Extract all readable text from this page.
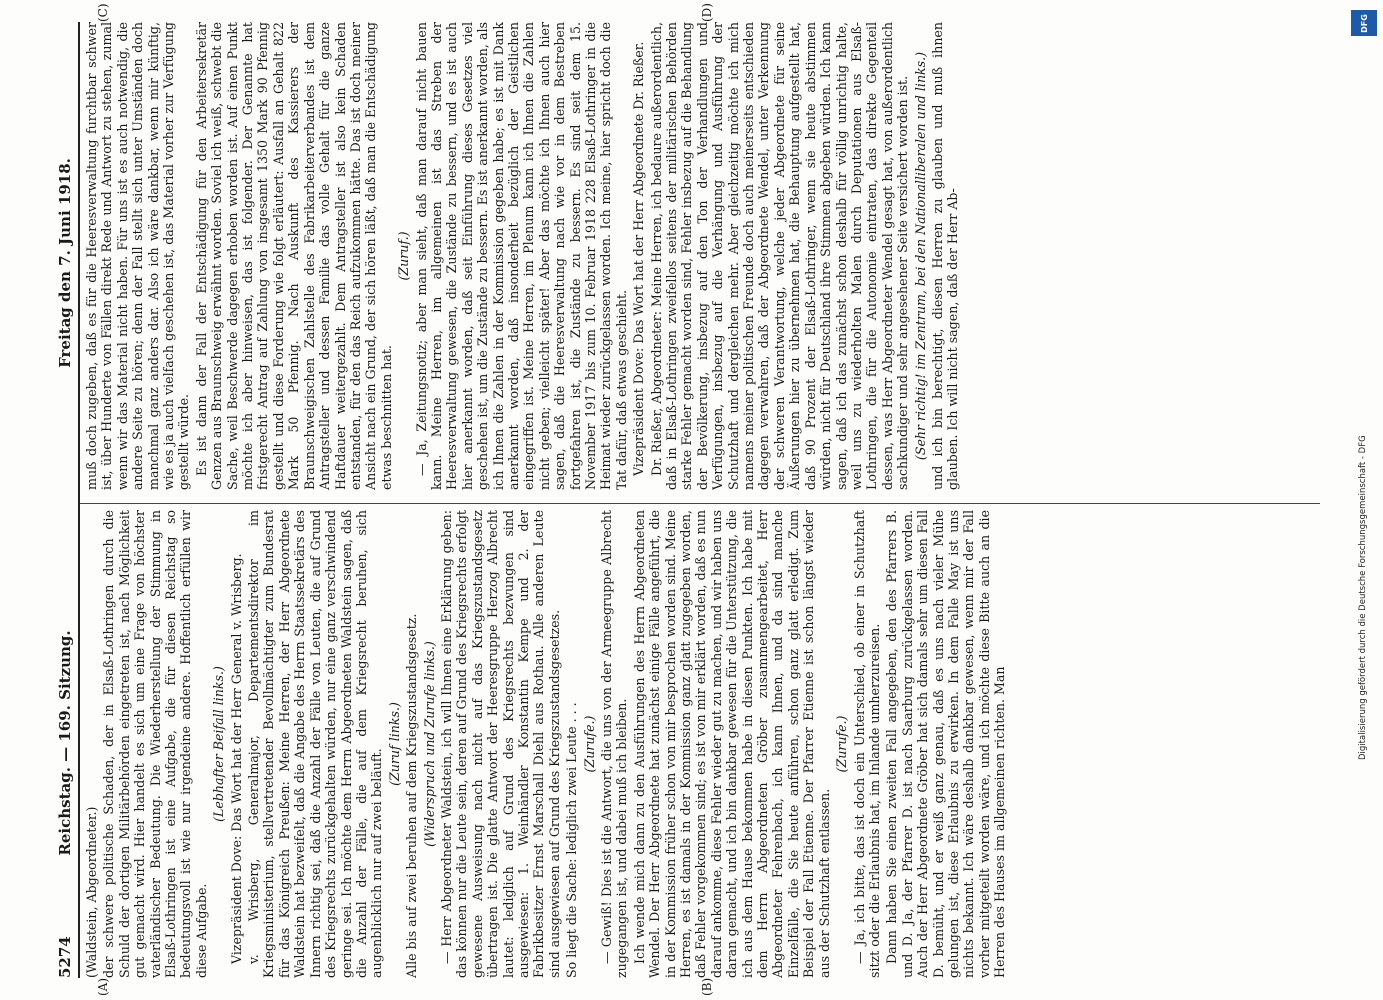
5274
Reichstag. — 169. Sitzung.
Freitag den 7. Juni 1918.
(A)	(B)
(C)	(D)

(Waldstein, Abgeordneter.) der schwere politische Schaden, der in Elsaß-Lothringen durch die Schuld der dortigen Militärbehörden eingetreten ist, nach Möglichkeit gut gemacht wird. Hier handelt es sich um eine Frage von höchster vaterländischer Bedeutung. Die Wiederherstellung der Stimmung in Elsaß-Lothringen ist eine Aufgabe, die für diesen Reichstag so bedeutungsvoll ist wie nur irgendeine andere. Hoffentlich erfüllen wir diese Aufgabe.

(Lebhafter Beifall links.) Vizepräsident Dove: Das Wort hat der Herr General v. Wrisberg. v. Wrisberg, Generalmajor, Departementsdirektor im Kriegsministerium, stellvertretender Bevollmächtigter zum Bundesrat für das Königreich Preußen: Meine Herren, der Herr Abgeordnete Waldstein hat bezweifelt, daß die Angabe des Herrn Staatssekretärs des Innern richtig sei, daß die Anzahl der Fälle von Leuten, die auf Grund des Kriegsrechts zurückgehalten würden, nur eine ganz verschwindend geringe sei. Ich möchte dem Herrn Abgeordneten Waldstein sagen, daß die Anzahl der Fälle, die auf dem Kriegsrecht beruhen, sich augenblicklich nur auf zwei beläuft.

(Zuruf links.) Alle bis auf zwei beruhen auf dem Kriegszustandsgesetz. (Widerspruch und Zurufe links.) — Herr Abgeordneter Waldstein, ich will Ihnen eine Erklärung geben: das können nur die Leute sein, deren auf Grund des Kriegsrechts erfolgt gewesene Ausweisung nach nicht auf das Kriegszustandsgesetz übertragen ist. Die glatte Antwort der Heeresgruppe Herzog Albrecht lautet: lediglich auf Grund des Kriegsrechts bezwungen sind ausgewiesen: 1. Weinhändler Konstantin Kempe und 2. der Fabrikbesitzer Ernst Marschall Diehl aus Rothau. Alle anderen Leute sind ausgewiesen auf Grund des Kriegszustandsgesetzes. So liegt die Sache: lediglich zwei Leute . . . (Zurufe.) — Gewiß! Dies ist die Antwort, die uns von der Armeegruppe Albrecht zugegangen ist, und dabei muß ich bleiben. Ich wende mich dann zu den Ausführungen des Herrn Abgeordneten Wendel. Der Herr Abgeordnete hat zunächst einige Fälle angeführt, die in der Kommission früher schon von mir besprochen worden sind. Meine Herren, es ist damals in der Kommission ganz glatt zugegeben worden, daß Fehler vorgekommen sind; es ist von mir erklärt worden, daß es nun darauf ankomme, diese Fehler wieder gut zu machen, und wir haben uns daran gemacht, und ich bin dankbar gewesen für die Unterstützung, die ich aus dem Hause bekommen habe in diesen Punkten. Ich habe mit dem Herrn Abgeordneten Gröber zusammengearbeitet, Herr Abgeordneter Fehrenbach, ich kann Ihnen, und da sind manche Einzelfälle, die Sie heute anführen, schon ganz glatt erledigt. Zum Beispiel der Fall Etienne. Der Pfarrer Etienne ist schon längst wieder aus der Schutzhaft entlassen.

(Zurufe.) — Ja, ich bitte, das ist doch ein Unterschied, ob einer in Schutzhaft sitzt oder die Erlaubnis hat, im Inlande umherzureisen. Dann haben Sie einen zweiten Fall angegeben, den des Pfarrers B. und D. Ja, der Pfarrer D. ist nach Saarburg zurückgelassen worden. Auch der Herr Abgeordnete Gröber hat sich damals sehr um diesen Fall D. bemüht, und er weiß ganz genau, daß es uns nach vieler Mühe gelungen ist, diese Erlaubnis zu erwirken. In dem Falle May ist uns nichts bekannt. Ich wäre deshalb dankbar gewesen, wenn mir der Fall vorher mitgeteilt worden wäre, und ich möchte diese Bitte auch an die Herren des Hauses im allgemeinen richten. Man

muß doch zugeben, daß es für die Heeresverwaltung furchtbar schwer ist, über Hunderte von Fällen direkt Rede und Antwort zu stehen, zumal wenn wir das Material nicht haben. Für uns ist es auch notwendig, die andere Seite zu hören; denn der Fall stellt sich unter Umständen doch manchmal ganz anders dar. Also ich wäre dankbar, wenn mir künftig, wie es ja auch vielfach geschehen ist, das Material vorher zur Verfügung gestellt würde. Es ist dann der Fall der Entschädigung für den Arbeitersekretär Genzen aus Braunschweig erwähnt worden. Soviel ich weiß, schwebt die Sache, weil Beschwerde dagegen erhoben worden ist. Auf einen Punkt möchte ich aber hinweisen, das ist folgender. Der Genannte hat fristgerecht Antrag auf Zahlung von insgesamt 1350 Mark 90 Pfennig gestellt und diese Forderung wie folgt erläutert: Ausfall an Gehalt 822 Mark 50 Pfennig. Nach Auskunft des Kassierers der Braunschweigischen Zahlstelle des Fabrikarbeiterverbandes ist dem Antragsteller und dessen Familie das volle Gehalt für die ganze Haftdauer weitergezahlt. Dem Antragsteller ist also kein Schaden entstanden, für den das Reich aufzukommen hätte. Das ist doch meiner Ansicht nach ein Grund, der sich hören läßt, daß man die Entschädigung etwas beschnitten hat.

(Zuruf.) — Ja, Zeitungsnotiz; aber man sieht, daß man darauf nicht bauen kann. Meine Herren, im allgemeinen ist das Streben der Heeresverwaltung gewesen, die Zustände zu bessern, und es ist auch hier anerkannt worden, daß seit Einführung dieses Gesetzes viel geschehen ist, um die Zustände zu bessern. Es ist anerkannt worden, als ich Ihnen die Zahlen in der Kommission gegeben habe; es ist mit Dank anerkannt worden, daß insonderheit bezüglich der Geistlichen eingegriffen ist. Meine Herren, im Plenum kann ich Ihnen die Zahlen nicht geben; vielleicht später! Aber das möchte ich Ihnen auch hier sagen, daß die Heeresverwaltung nach wie vor in dem Bestreben fortgefahren ist, die Zustände zu bessern. Es sind seit dem 15. November 1917 bis zum 10. Februar 1918 228 Elsaß-Lothringer in die Heimat wieder zurückgelassen worden. Ich meine, hier spricht doch die Tat dafür, daß etwas geschieht. Vizepräsident Dove: Das Wort hat der Herr Abgeordnete Dr. Rießer. Dr. Rießer, Abgeordneter: Meine Herren, ich bedaure außerordentlich, daß in Elsaß-Lothringen zweifellos seitens der militärischen Behörden starke Fehler gemacht worden sind, Fehler insbezug auf die Behandlung der Bevölkerung, insbezug auf den Ton der Verhandlungen und Verfügungen, insbezug auf die Verhängung und Ausführung der Schutzhaft und dergleichen mehr. Aber gleichzeitig möchte ich mich namens meiner politischen Freunde doch auch meinerseits entschieden dagegen verwahren, daß der Abgeordnete Wendel, unter Verkennung der schweren Verantwortung, welche jeder Abgeordnete für seine Äußerungen hier zu übernehmen hat, die Behauptung aufgestellt hat, daß 90 Prozent der Elsaß-Lothringer, wenn sie heute abstimmen würden, nicht für Deutschland ihre Stimmen abgeben würden. Ich kann sagen, daß ich das zunächst schon deshalb für völlig unrichtig halte, weil uns zu wiederholten Malen durch Deputationen aus Elsaß-Lothringen, die für die Autonomie eintraten, das direkte Gegenteil dessen, was Herr Abgeordneter Wendel gesagt hat, von außerordentlich sachkundiger und sehr angesehener Seite versichert worden ist. (Sehr richtig! im Zentrum, bei den Nationalliberalen und links.) und ich bin berechtigt, diesen Herren zu glauben und muß ihnen glauben. Ich will nicht sagen, daß der Herr Ab-

DFG
Digitalisierung gefördert durch die Deutsche Forschungsgemeinschaft - DFG
